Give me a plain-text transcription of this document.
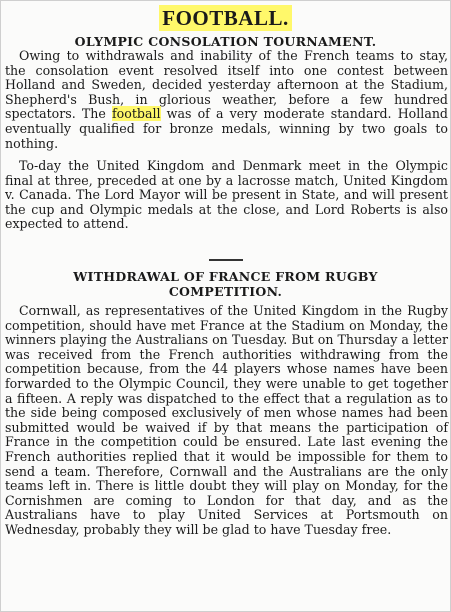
FOOTBALL.

OLYMPIC CONSOLATION TOURNAMENT.

Owing to withdrawals and inability of the French teams to stay, the consolation event resolved itself into one contest between Holland and Sweden, decided yesterday afternoon at the Stadium, Shepherd's Bush, in glorious weather, before a few hundred spectators. The football was of a very moderate standard. Holland eventually qualified for bronze medals, winning by two goals to nothing.

To-day the United Kingdom and Denmark meet in the Olympic final at three, preceded at one by a lacrosse match, United Kingdom v. Canada. The Lord Mayor will be present in State, and will present the cup and Olympic medals at the close, and Lord Roberts is also expected to attend.

WITHDRAWAL OF FRANCE FROM RUGBY

COMPETITION.

Cornwall, as representatives of the United Kingdom in the Rugby competition, should have met France at the Stadium on Monday, the winners playing the Australians on Tuesday. But on Thursday a letter was received from the French authorities withdrawing from the competition because, from the 44 players whose names have been forwarded to the Olympic Council, they were unable to get together a fifteen. A reply was dispatched to the effect that a regulation as to the side being composed exclusively of men whose names had been submitted would be waived if by that means the participation of France in the competition could be ensured. Late last evening the French authorities replied that it would be impossible for them to send a team. Therefore, Cornwall and the Australians are the only teams left in. There is little doubt they will play on Monday, for the Cornishmen are coming to London for that day, and as the Australians have to play United Services at Portsmouth on Wednesday, probably they will be glad to have Tuesday free.
